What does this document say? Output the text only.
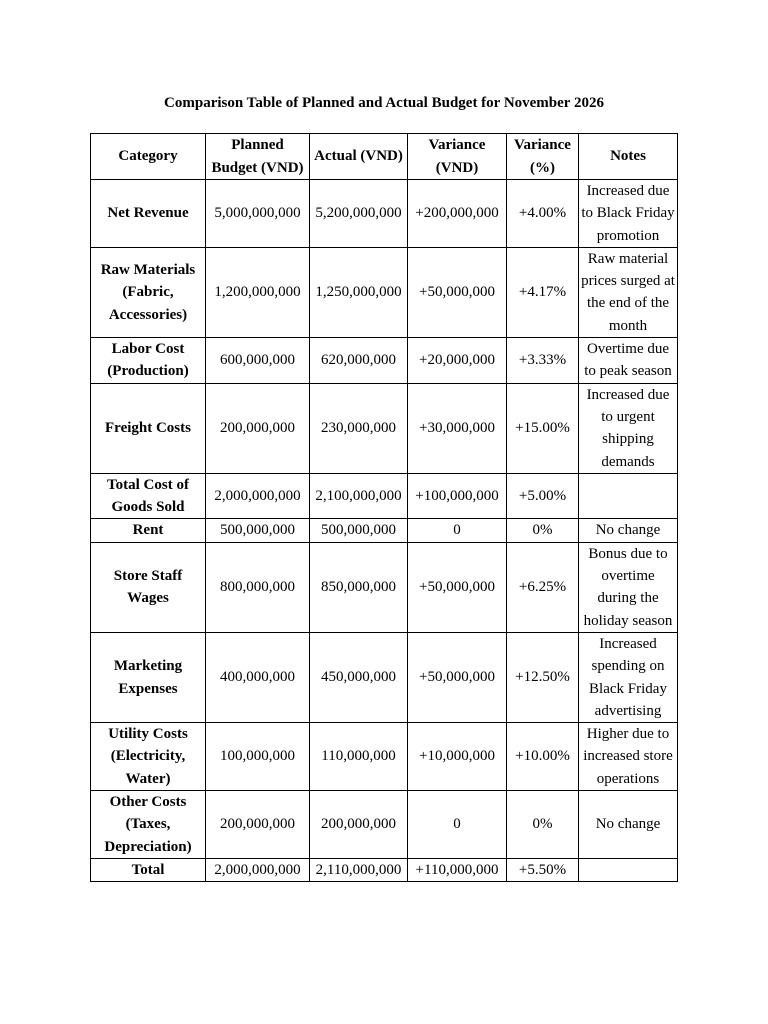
Comparison Table of Planned and Actual Budget for November 2026
Category	Planned Budget (VND)	Actual (VND)	Variance (VND)	Variance (%)	Notes
Net Revenue	5,000,000,000	5,200,000,000	+200,000,000	+4.00%	Increased due to Black Friday promotion
Raw Materials (Fabric, Accessories)	1,200,000,000	1,250,000,000	+50,000,000	+4.17%	Raw material prices surged at the end of the month
Labor Cost (Production)	600,000,000	620,000,000	+20,000,000	+3.33%	Overtime due to peak season
Freight Costs	200,000,000	230,000,000	+30,000,000	+15.00%	Increased due to urgent shipping demands
Total Cost of Goods Sold	2,000,000,000	2,100,000,000	+100,000,000	+5.00%	
Rent	500,000,000	500,000,000	0	0%	No change
Store Staff Wages	800,000,000	850,000,000	+50,000,000	+6.25%	Bonus due to overtime during the holiday season
Marketing Expenses	400,000,000	450,000,000	+50,000,000	+12.50%	Increased spending on Black Friday advertising
Utility Costs (Electricity, Water)	100,000,000	110,000,000	+10,000,000	+10.00%	Higher due to increased store operations
Other Costs (Taxes, Depreciation)	200,000,000	200,000,000	0	0%	No change
Total	2,000,000,000	2,110,000,000	+110,000,000	+5.50%	
